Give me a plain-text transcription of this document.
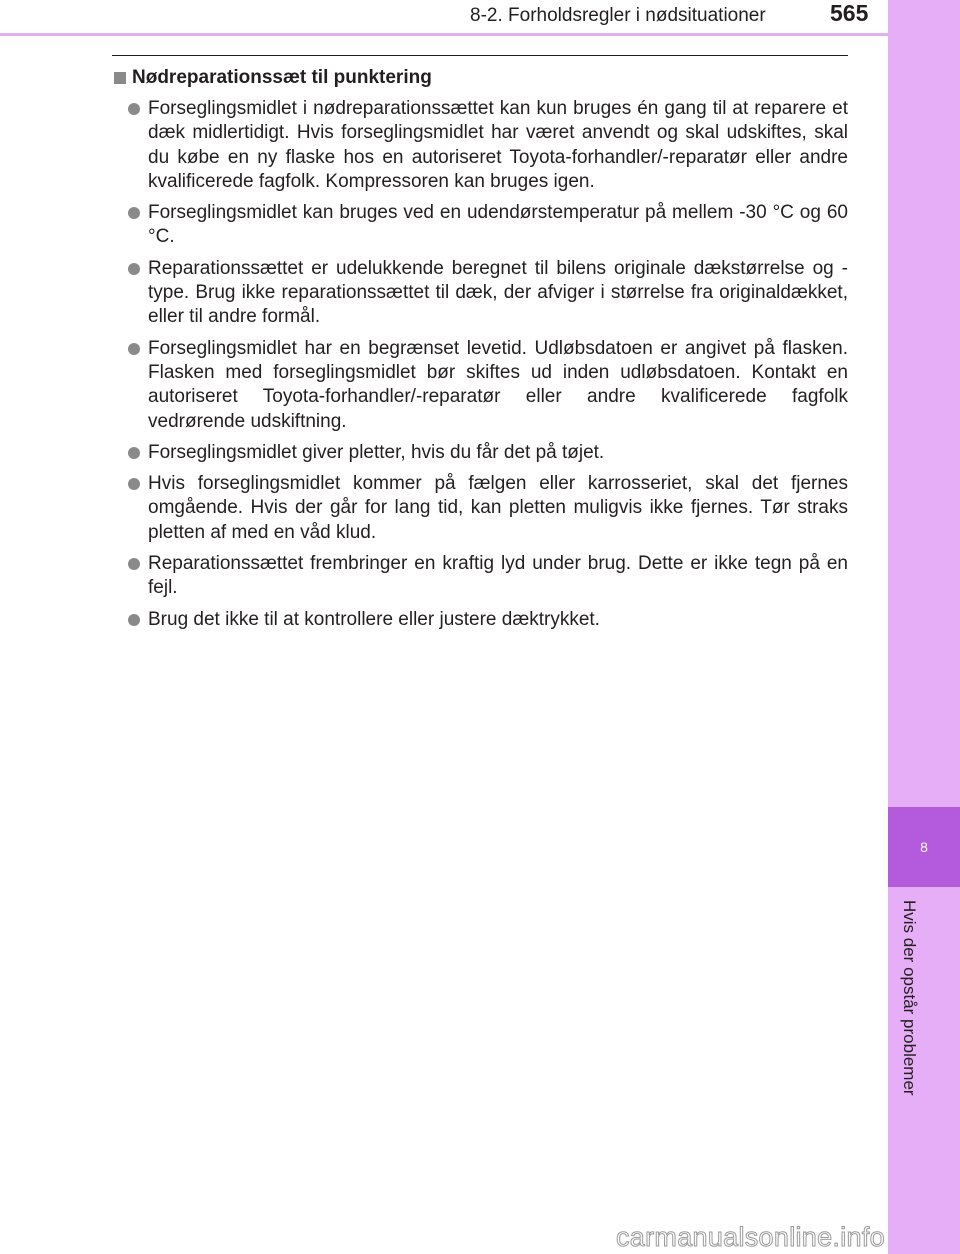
8-2. Forholdsregler i nødsituationer	565
8
Hvis der opstår problemer
Nødreparationssæt til punktering
Forseglingsmidlet i nødreparationssættet kan kun bruges én gang til at reparere et dæk midlertidigt. Hvis forseglingsmidlet har været anvendt og skal udskiftes, skal du købe en ny flaske hos en autoriseret Toyota-forhandler/-reparatør eller andre kvalificerede fagfolk. Kompressoren kan bruges igen.
Forseglingsmidlet kan bruges ved en udendørstemperatur på mellem -30 °C og 60 °C.
Reparationssættet er udelukkende beregnet til bilens originale dækstørrelse og -type. Brug ikke reparationssættet til dæk, der afviger i størrelse fra originaldækket, eller til andre formål.
Forseglingsmidlet har en begrænset levetid. Udløbsdatoen er angivet på flasken. Flasken med forseglingsmidlet bør skiftes ud inden udløbsdatoen. Kontakt en autoriseret Toyota-forhandler/-reparatør eller andre kvalificerede fagfolk vedrørende udskiftning.
Forseglingsmidlet giver pletter, hvis du får det på tøjet.
Hvis forseglingsmidlet kommer på fælgen eller karrosseriet, skal det fjernes omgående. Hvis der går for lang tid, kan pletten muligvis ikke fjernes. Tør straks pletten af med en våd klud.
Reparationssættet frembringer en kraftig lyd under brug. Dette er ikke tegn på en fejl.
Brug det ikke til at kontrollere eller justere dæktrykket.
carmanualsonline.info
